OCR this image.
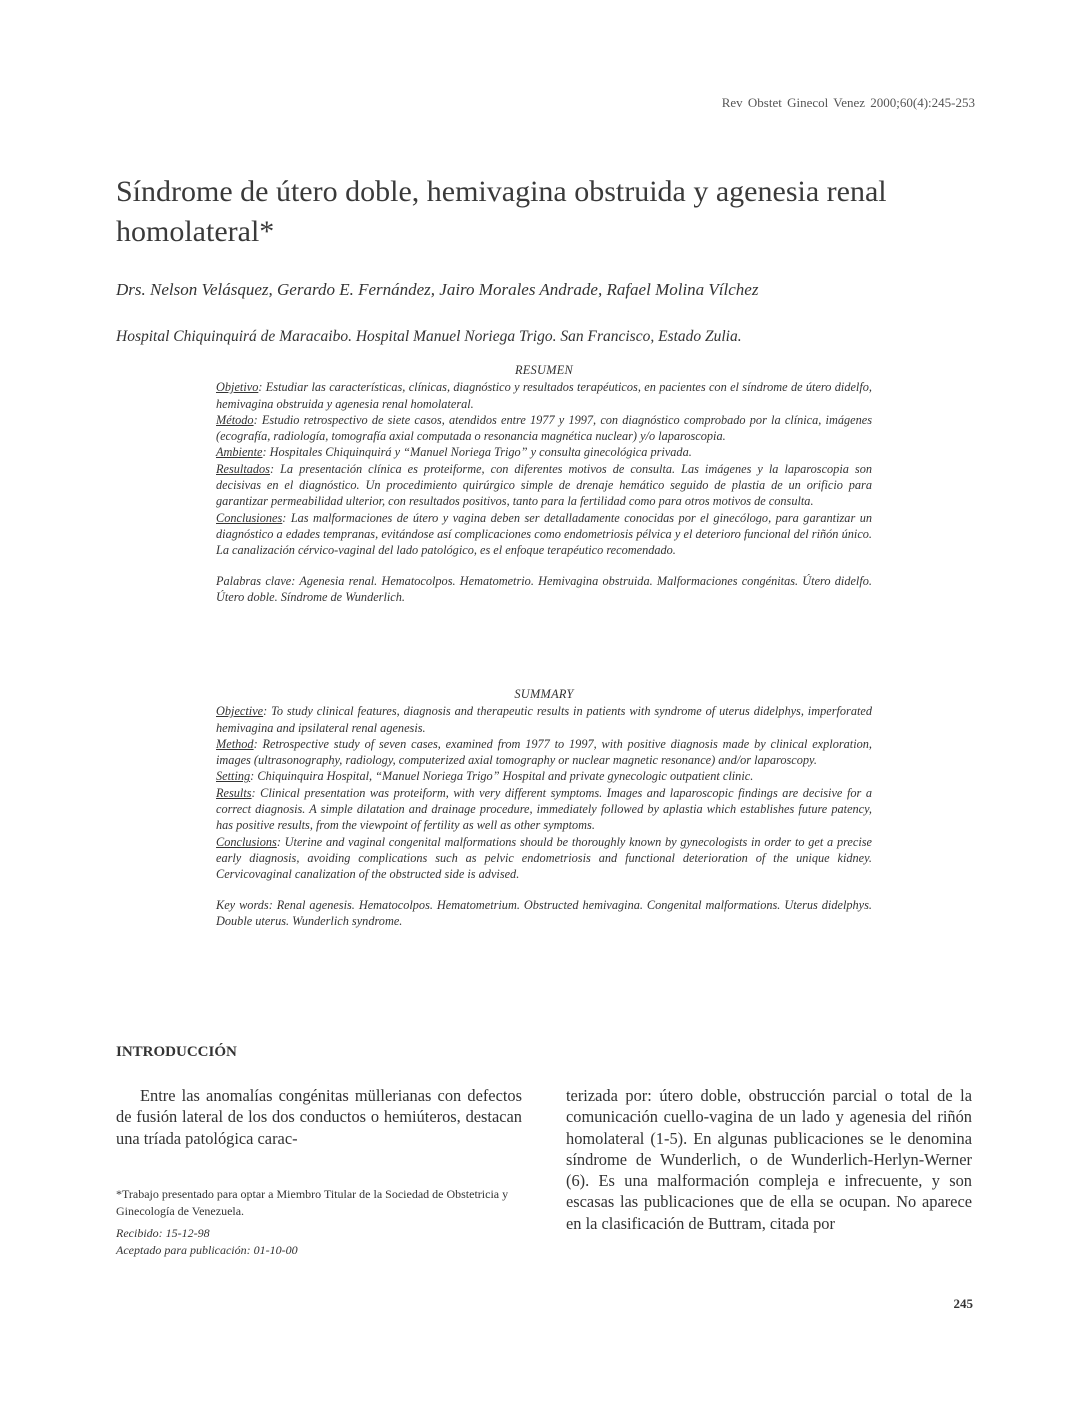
Rev Obstet Ginecol Venez 2000;60(4):245-253
Síndrome de útero doble, hemivagina obstruida y agenesia renal homolateral*
Drs. Nelson Velásquez, Gerardo E. Fernández, Jairo Morales Andrade, Rafael Molina Vílchez
Hospital Chiquinquirá de Maracaibo. Hospital Manuel Noriega Trigo. San Francisco, Estado Zulia.
RESUMEN

Objetivo: Estudiar las características, clínicas, diagnóstico y resultados terapéuticos, en pacientes con el síndrome de útero didelfo, hemivagina obstruida y agenesia renal homolateral.

Método: Estudio retrospectivo de siete casos, atendidos entre 1977 y 1997, con diagnóstico comprobado por la clínica, imágenes (ecografía, radiología, tomografía axial computada o resonancia magnética nuclear) y/o laparoscopia.

Ambiente: Hospitales Chiquinquirá y “Manuel Noriega Trigo” y consulta ginecológica privada.

Resultados: La presentación clínica es proteiforme, con diferentes motivos de consulta. Las imágenes y la laparoscopia son decisivas en el diagnóstico. Un procedimiento quirúrgico simple de drenaje hemático seguido de plastia de un orificio para garantizar permeabilidad ulterior, con resultados positivos, tanto para la fertilidad como para otros motivos de consulta.

Conclusiones: Las malformaciones de útero y vagina deben ser detalladamente conocidas por el ginecólogo, para garantizar un diagnóstico a edades tempranas, evitándose así complicaciones como endometriosis pélvica y el deterioro funcional del riñón único. La canalización cérvico-vaginal del lado patológico, es el enfoque terapéutico recomendado.

Palabras clave: Agenesia renal. Hematocolpos. Hematometrio. Hemivagina obstruida. Malformaciones congénitas. Útero didelfo. Útero doble. Síndrome de Wunderlich.

SUMMARY

Objective: To study clinical features, diagnosis and therapeutic results in patients with syndrome of uterus didelphys, imperforated hemivagina and ipsilateral renal agenesis.

Method: Retrospective study of seven cases, examined from 1977 to 1997, with positive diagnosis made by clinical exploration, images (ultrasonography, radiology, computerized axial tomography or nuclear magnetic resonance) and/or laparoscopy.

Setting: Chiquinquira Hospital, “Manuel Noriega Trigo” Hospital and private gynecologic outpatient clinic.

Results: Clinical presentation was proteiform, with very different symptoms. Images and laparoscopic findings are decisive for a correct diagnosis. A simple dilatation and drainage procedure, immediately followed by aplastia which establishes future patency, has positive results, from the viewpoint of fertility as well as other symptoms.

Conclusions: Uterine and vaginal congenital malformations should be thoroughly known by gynecologists in order to get a precise early diagnosis, avoiding complications such as pelvic endometriosis and functional deterioration of the unique kidney. Cervicovaginal canalization of the obstructed side is advised.

Key words: Renal agenesis. Hematocolpos. Hematometrium. Obstructed hemivagina. Congenital malformations. Uterus didelphys. Double uterus. Wunderlich syndrome.

INTRODUCCIÓN

Entre las anomalías congénitas müllerianas con defectos de fusión lateral de los dos conductos o hemiúteros, destacan una tríada patológica carac-

terizada por: útero doble, obstrucción parcial o total de la comunicación cuello-vagina de un lado y agenesia del riñón homolateral (1-5). En algunas publicaciones se le denomina síndrome de Wunderlich, o de Wunderlich-Herlyn-Werner (6). Es una malformación compleja e infrecuente, y son escasas las publicaciones que de ella se ocupan. No aparece en la clasificación de Buttram, citada por

*Trabajo presentado para optar a Miembro Titular de la Sociedad de Obstetricia y Ginecología de Venezuela.

Recibido: 15-12-98

Aceptado para publicación: 01-10-00

245
